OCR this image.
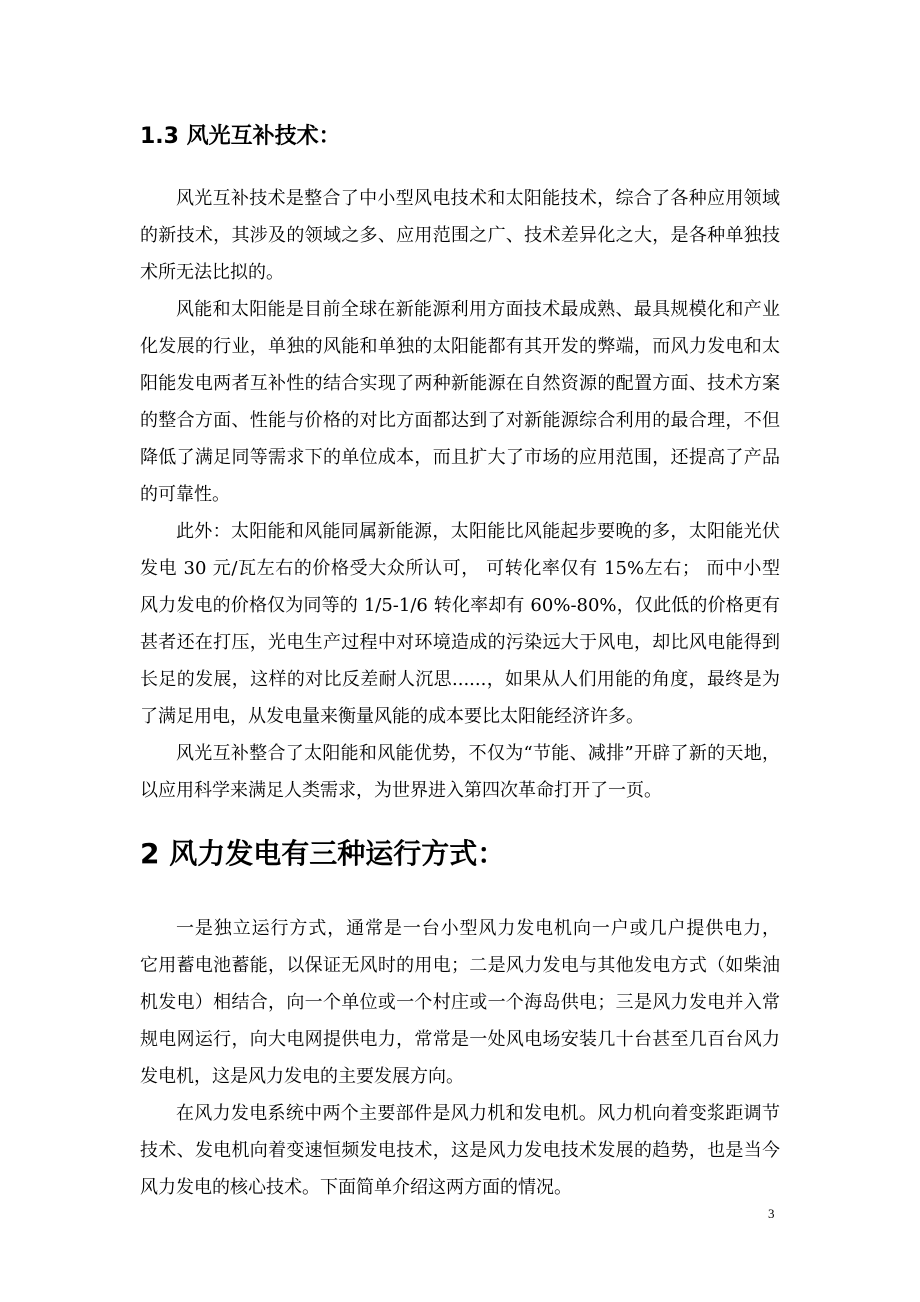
1.3 风光互补技术：

风光互补技术是整合了中小型风电技术和太阳能技术，综合了各种应用领域

的新技术，其涉及的领域之多、应用范围之广、技术差异化之大，是各种单独技

术所无法比拟的。

风能和太阳能是目前全球在新能源利用方面技术最成熟、最具规模化和产业

化发展的行业，单独的风能和单独的太阳能都有其开发的弊端，而风力发电和太

阳能发电两者互补性的结合实现了两种新能源在自然资源的配置方面、技术方案

的整合方面、性能与价格的对比方面都达到了对新能源综合利用的最合理，不但

降低了满足同等需求下的单位成本，而且扩大了市场的应用范围，还提高了产品

的可靠性。

此外：太阳能和风能同属新能源，太阳能比风能起步要晚的多，太阳能光伏

发电 30 元/瓦左右的价格受大众所认可， 可转化率仅有 15%左右； 而中小型

风力发电的价格仅为同等的 1/5-1/6 转化率却有 60%-80%，仅此低的价格更有

甚者还在打压，光电生产过程中对环境造成的污染远大于风电，却比风电能得到

长足的发展，这样的对比反差耐人沉思......，如果从人们用能的角度，最终是为

了满足用电，从发电量来衡量风能的成本要比太阳能经济许多。

风光互补整合了太阳能和风能优势，不仅为“节能、减排”开辟了新的天地，

以应用科学来满足人类需求，为世界进入第四次革命打开了一页。

2 风力发电有三种运行方式：

一是独立运行方式，通常是一台小型风力发电机向一户或几户提供电力，

它用蓄电池蓄能，以保证无风时的用电；二是风力发电与其他发电方式（如柴油

机发电）相结合，向一个单位或一个村庄或一个海岛供电；三是风力发电并入常

规电网运行，向大电网提供电力，常常是一处风电场安装几十台甚至几百台风力

发电机，这是风力发电的主要发展方向。

在风力发电系统中两个主要部件是风力机和发电机。风力机向着变浆距调节

技术、发电机向着变速恒频发电技术，这是风力发电技术发展的趋势，也是当今

风力发电的核心技术。下面简单介绍这两方面的情况。

3
